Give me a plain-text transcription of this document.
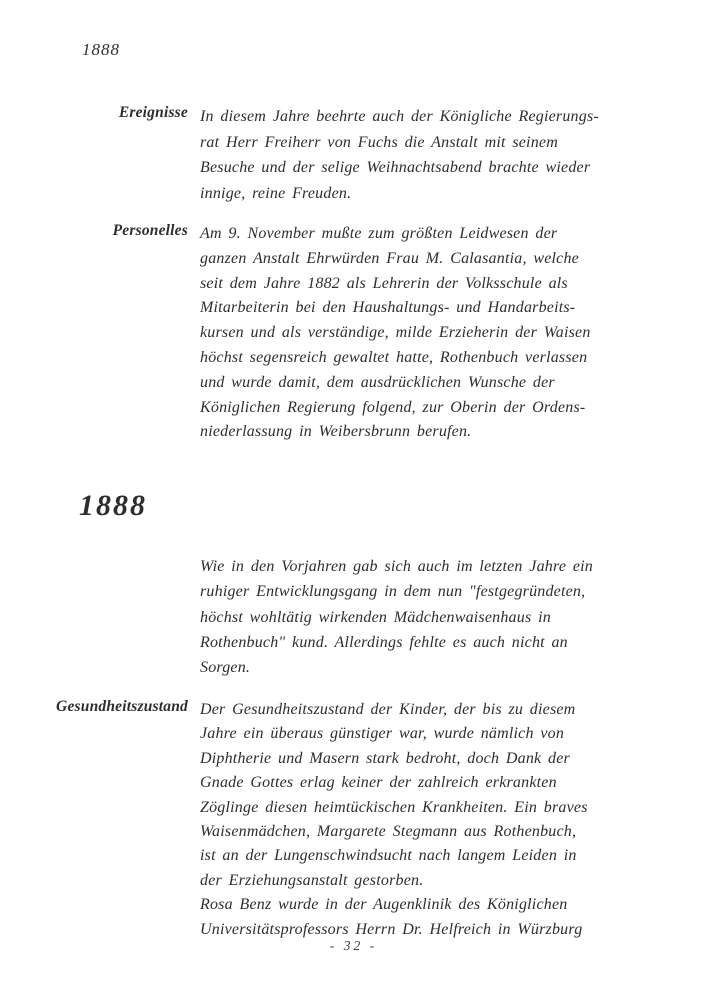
1888
Ereignisse In diesem Jahre beehrte auch der Königliche Regierungs-
rat Herr Freiherr von Fuchs die Anstalt mit seinem
Besuche und der selige Weihnachtsabend brachte wieder
innige, reine Freuden.
Personelles Am 9. November mußte zum größten Leidwesen der
ganzen Anstalt Ehrwürden Frau M. Calasantia, welche
seit dem Jahre 1882 als Lehrerin der Volksschule als
Mitarbeiterin bei den Haushaltungs- und Handarbeits-
kursen und als verständige, milde Erzieherin der Waisen
höchst segensreich gewaltet hatte, Rothenbuch verlassen
und wurde damit, dem ausdrücklichen Wunsche der
Königlichen Regierung folgend, zur Oberin der Ordens-
niederlassung in Weibersbrunn berufen.
1888
Wie in den Vorjahren gab sich auch im letzten Jahre ein
ruhiger Entwicklungsgang in dem nun "festgegründeten,
höchst wohltätig wirkenden Mädchenwaisenhaus in
Rothenbuch" kund. Allerdings fehlte es auch nicht an
Sorgen.
Gesundheitszustand Der Gesundheitszustand der Kinder, der bis zu diesem
Jahre ein überaus günstiger war, wurde nämlich von
Diphtherie und Masern stark bedroht, doch Dank der
Gnade Gottes erlag keiner der zahlreich erkrankten
Zöglinge diesen heimtückischen Krankheiten. Ein braves
Waisenmädchen, Margarete Stegmann aus Rothenbuch,
ist an der Lungenschwindsucht nach langem Leiden in
der Erziehungsanstalt gestorben.
Rosa Benz wurde in der Augenklinik des Königlichen
Universitätsprofessors Herrn Dr. Helfreich in Würzburg
- 32 -
